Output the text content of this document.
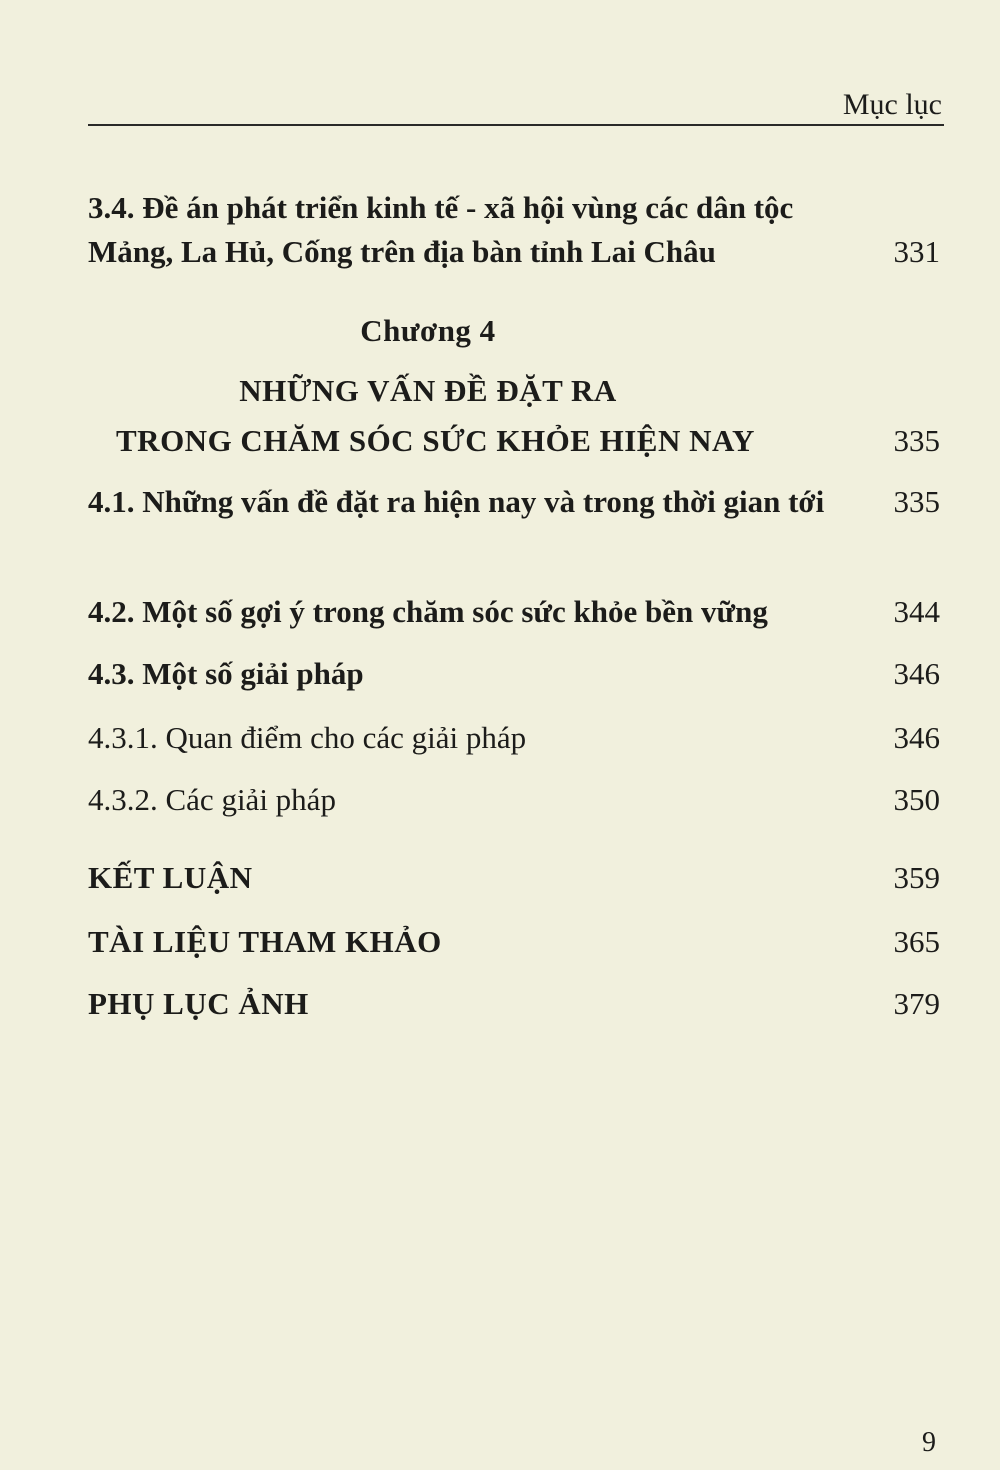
Mục lục
3.4. Đề án phát triển kinh tế - xã hội vùng các dân tộc Mảng, La Hủ, Cống trên địa bàn tỉnh Lai Châu	331
Chương 4
NHỮNG VẤN ĐỀ ĐẶT RA
TRONG CHĂM SÓC SỨC KHỎE HIỆN NAY	335
4.1. Những vấn đề đặt ra hiện nay và trong thời gian tới 335
4.2. Một số gợi ý trong chăm sóc sức khỏe bền vững	344
4.3. Một số giải pháp	346
4.3.1. Quan điểm cho các giải pháp	346
4.3.2. Các giải pháp	350
KẾT LUẬN	359
TÀI LIỆU THAM KHẢO	365
PHỤ LỤC ẢNH	379
9
